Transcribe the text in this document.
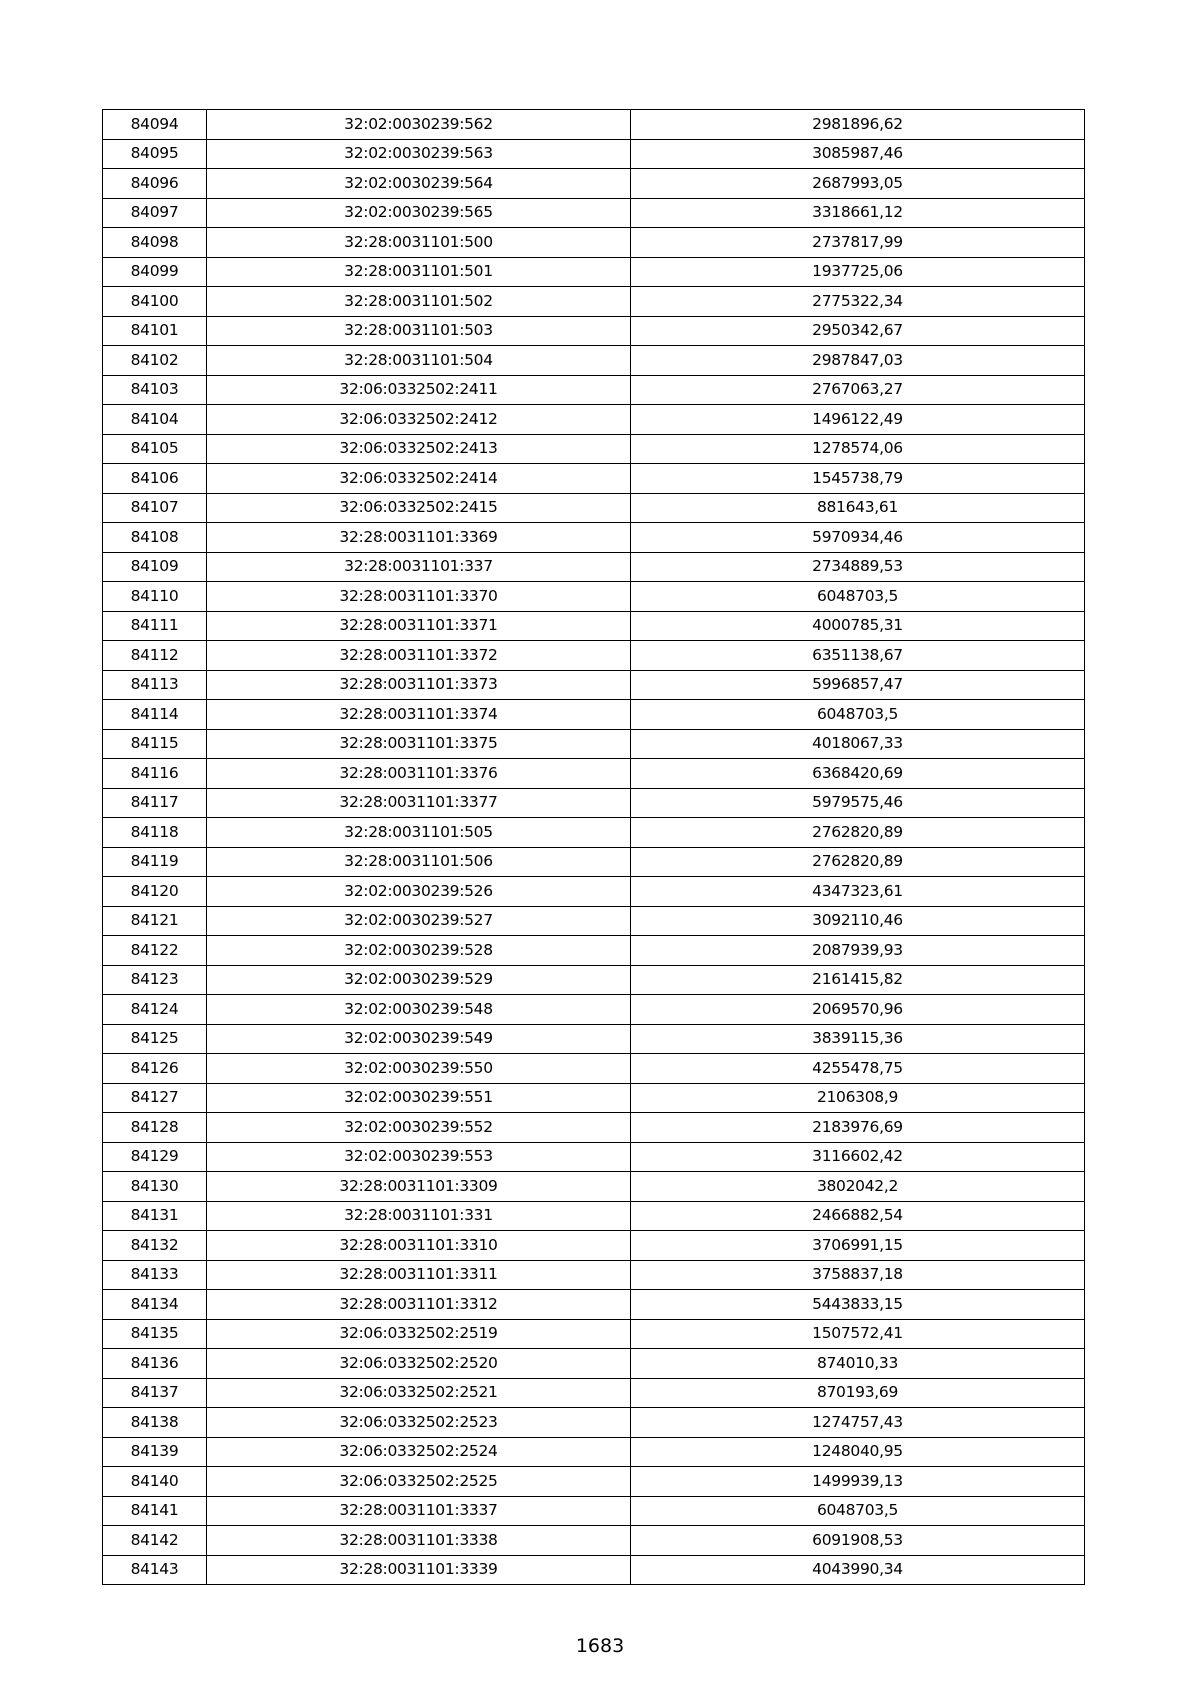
84094	32:02:0030239:562	2981896,62
84095	32:02:0030239:563	3085987,46
84096	32:02:0030239:564	2687993,05
84097	32:02:0030239:565	3318661,12
84098	32:28:0031101:500	2737817,99
84099	32:28:0031101:501	1937725,06
84100	32:28:0031101:502	2775322,34
84101	32:28:0031101:503	2950342,67
84102	32:28:0031101:504	2987847,03
84103	32:06:0332502:2411	2767063,27
84104	32:06:0332502:2412	1496122,49
84105	32:06:0332502:2413	1278574,06
84106	32:06:0332502:2414	1545738,79
84107	32:06:0332502:2415	881643,61
84108	32:28:0031101:3369	5970934,46
84109	32:28:0031101:337	2734889,53
84110	32:28:0031101:3370	6048703,5
84111	32:28:0031101:3371	4000785,31
84112	32:28:0031101:3372	6351138,67
84113	32:28:0031101:3373	5996857,47
84114	32:28:0031101:3374	6048703,5
84115	32:28:0031101:3375	4018067,33
84116	32:28:0031101:3376	6368420,69
84117	32:28:0031101:3377	5979575,46
84118	32:28:0031101:505	2762820,89
84119	32:28:0031101:506	2762820,89
84120	32:02:0030239:526	4347323,61
84121	32:02:0030239:527	3092110,46
84122	32:02:0030239:528	2087939,93
84123	32:02:0030239:529	2161415,82
84124	32:02:0030239:548	2069570,96
84125	32:02:0030239:549	3839115,36
84126	32:02:0030239:550	4255478,75
84127	32:02:0030239:551	2106308,9
84128	32:02:0030239:552	2183976,69
84129	32:02:0030239:553	3116602,42
84130	32:28:0031101:3309	3802042,2
84131	32:28:0031101:331	2466882,54
84132	32:28:0031101:3310	3706991,15
84133	32:28:0031101:3311	3758837,18
84134	32:28:0031101:3312	5443833,15
84135	32:06:0332502:2519	1507572,41
84136	32:06:0332502:2520	874010,33
84137	32:06:0332502:2521	870193,69
84138	32:06:0332502:2523	1274757,43
84139	32:06:0332502:2524	1248040,95
84140	32:06:0332502:2525	1499939,13
84141	32:28:0031101:3337	6048703,5
84142	32:28:0031101:3338	6091908,53
84143	32:28:0031101:3339	4043990,34
1683
